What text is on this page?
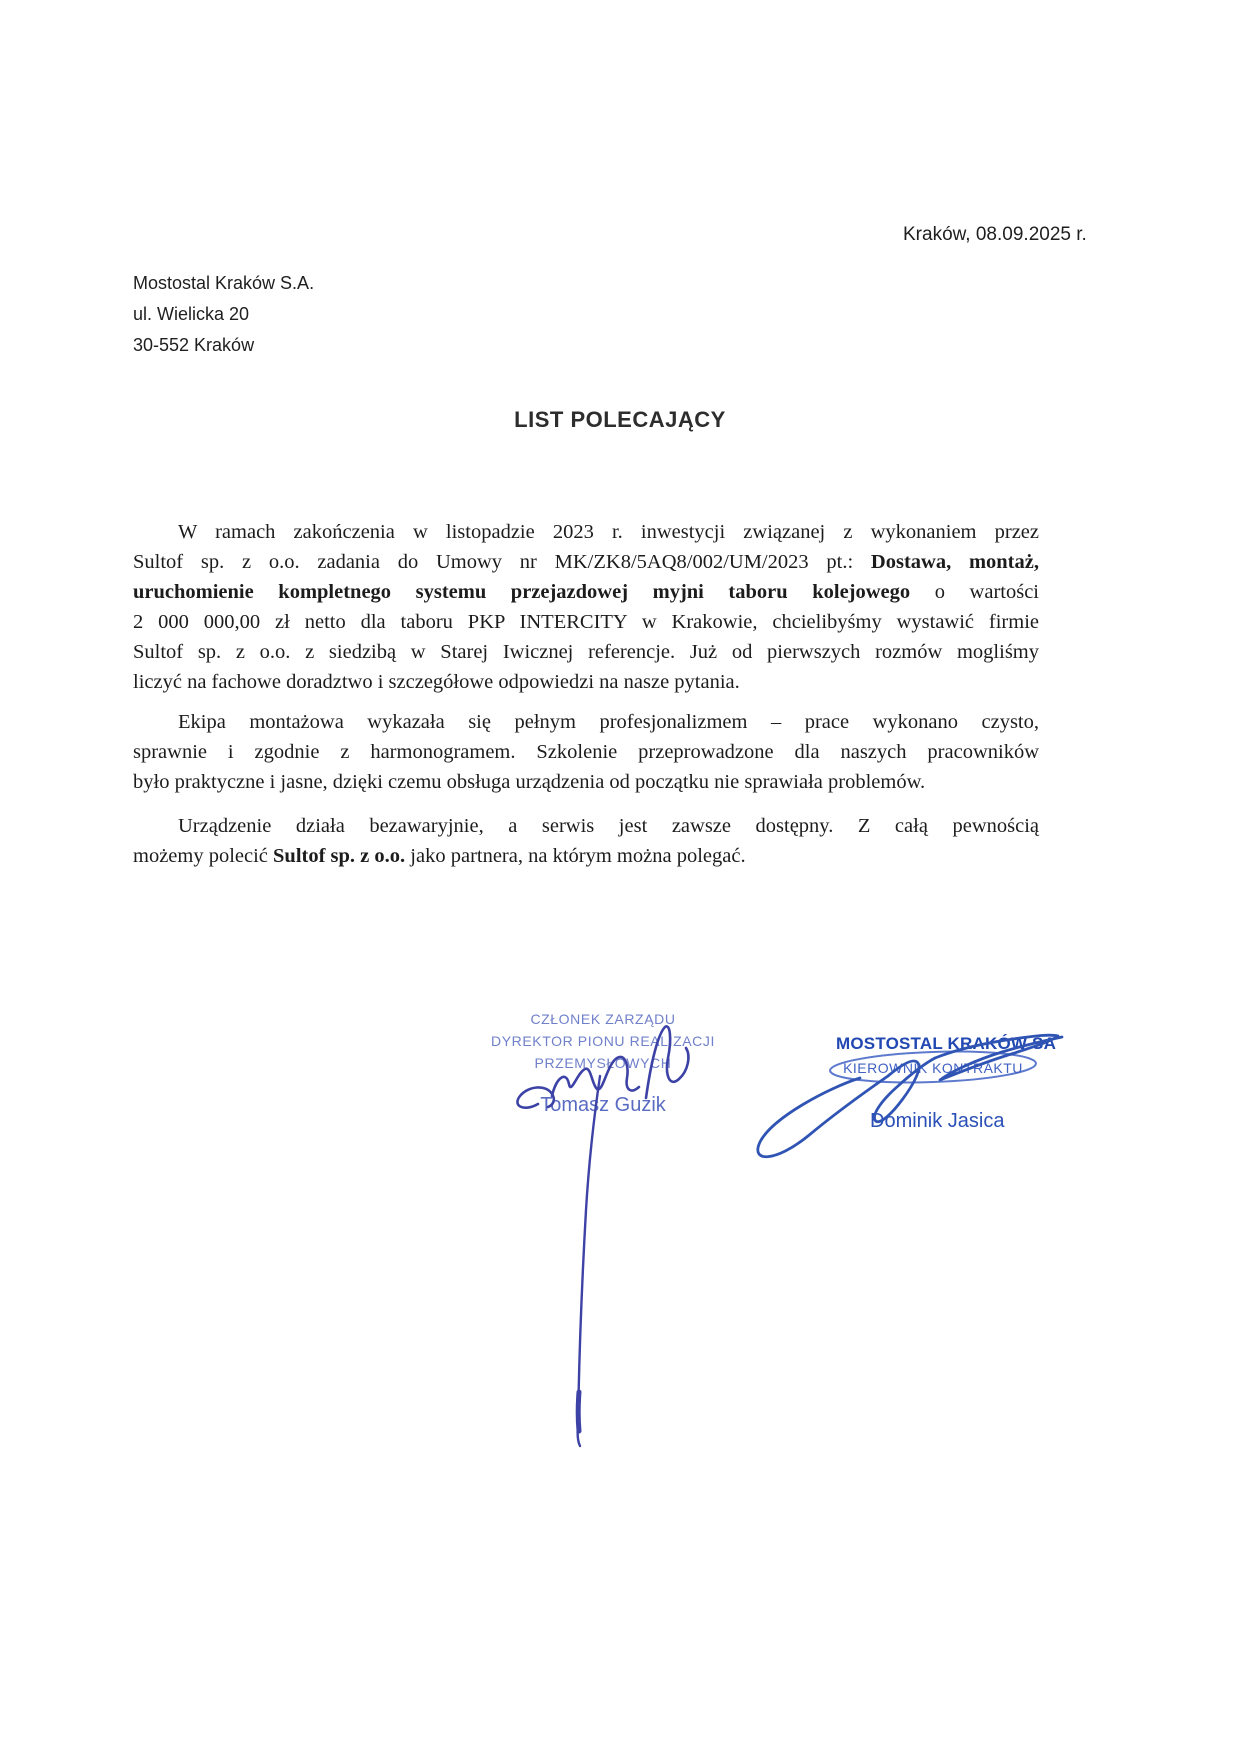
Kraków, 08.09.2025 r.
Mostostal Kraków S.A.
ul. Wielicka 20
30-552 Kraków
LIST POLECAJĄCY
W ramach zakończenia w listopadzie 2023 r. inwestycji związanej z wykonaniem przez
Sultof sp. z o.o. zadania do Umowy nr MK/ZK8/5AQ8/002/UM/2023 pt.: Dostawa, montaż,
uruchomienie kompletnego systemu przejazdowej myjni taboru kolejowego o wartości
2 000 000,00 zł netto dla taboru PKP INTERCITY w Krakowie, chcielibyśmy wystawić firmie
Sultof sp. z o.o. z siedzibą w Starej Iwicznej referencje. Już od pierwszych rozmów mogliśmy
liczyć na fachowe doradztwo i szczegółowe odpowiedzi na nasze pytania.
Ekipa montażowa wykazała się pełnym profesjonalizmem – prace wykonano czysto,
sprawnie i zgodnie z harmonogramem. Szkolenie przeprowadzone dla naszych pracowników
było praktyczne i jasne, dzięki czemu obsługa urządzenia od początku nie sprawiała problemów.
Urządzenie działa bezawaryjnie, a serwis jest zawsze dostępny. Z całą pewnością
możemy polecić Sultof sp. z o.o. jako partnera, na którym można polegać.
CZŁONEK ZARZĄDU
DYREKTOR PIONU REALIZACJI
PRZEMYSŁOWYCH
Tomasz Guzik
MOSTOSTAL KRAKÓW SA
KIEROWNIK KONTRAKTU
Dominik Jasica
